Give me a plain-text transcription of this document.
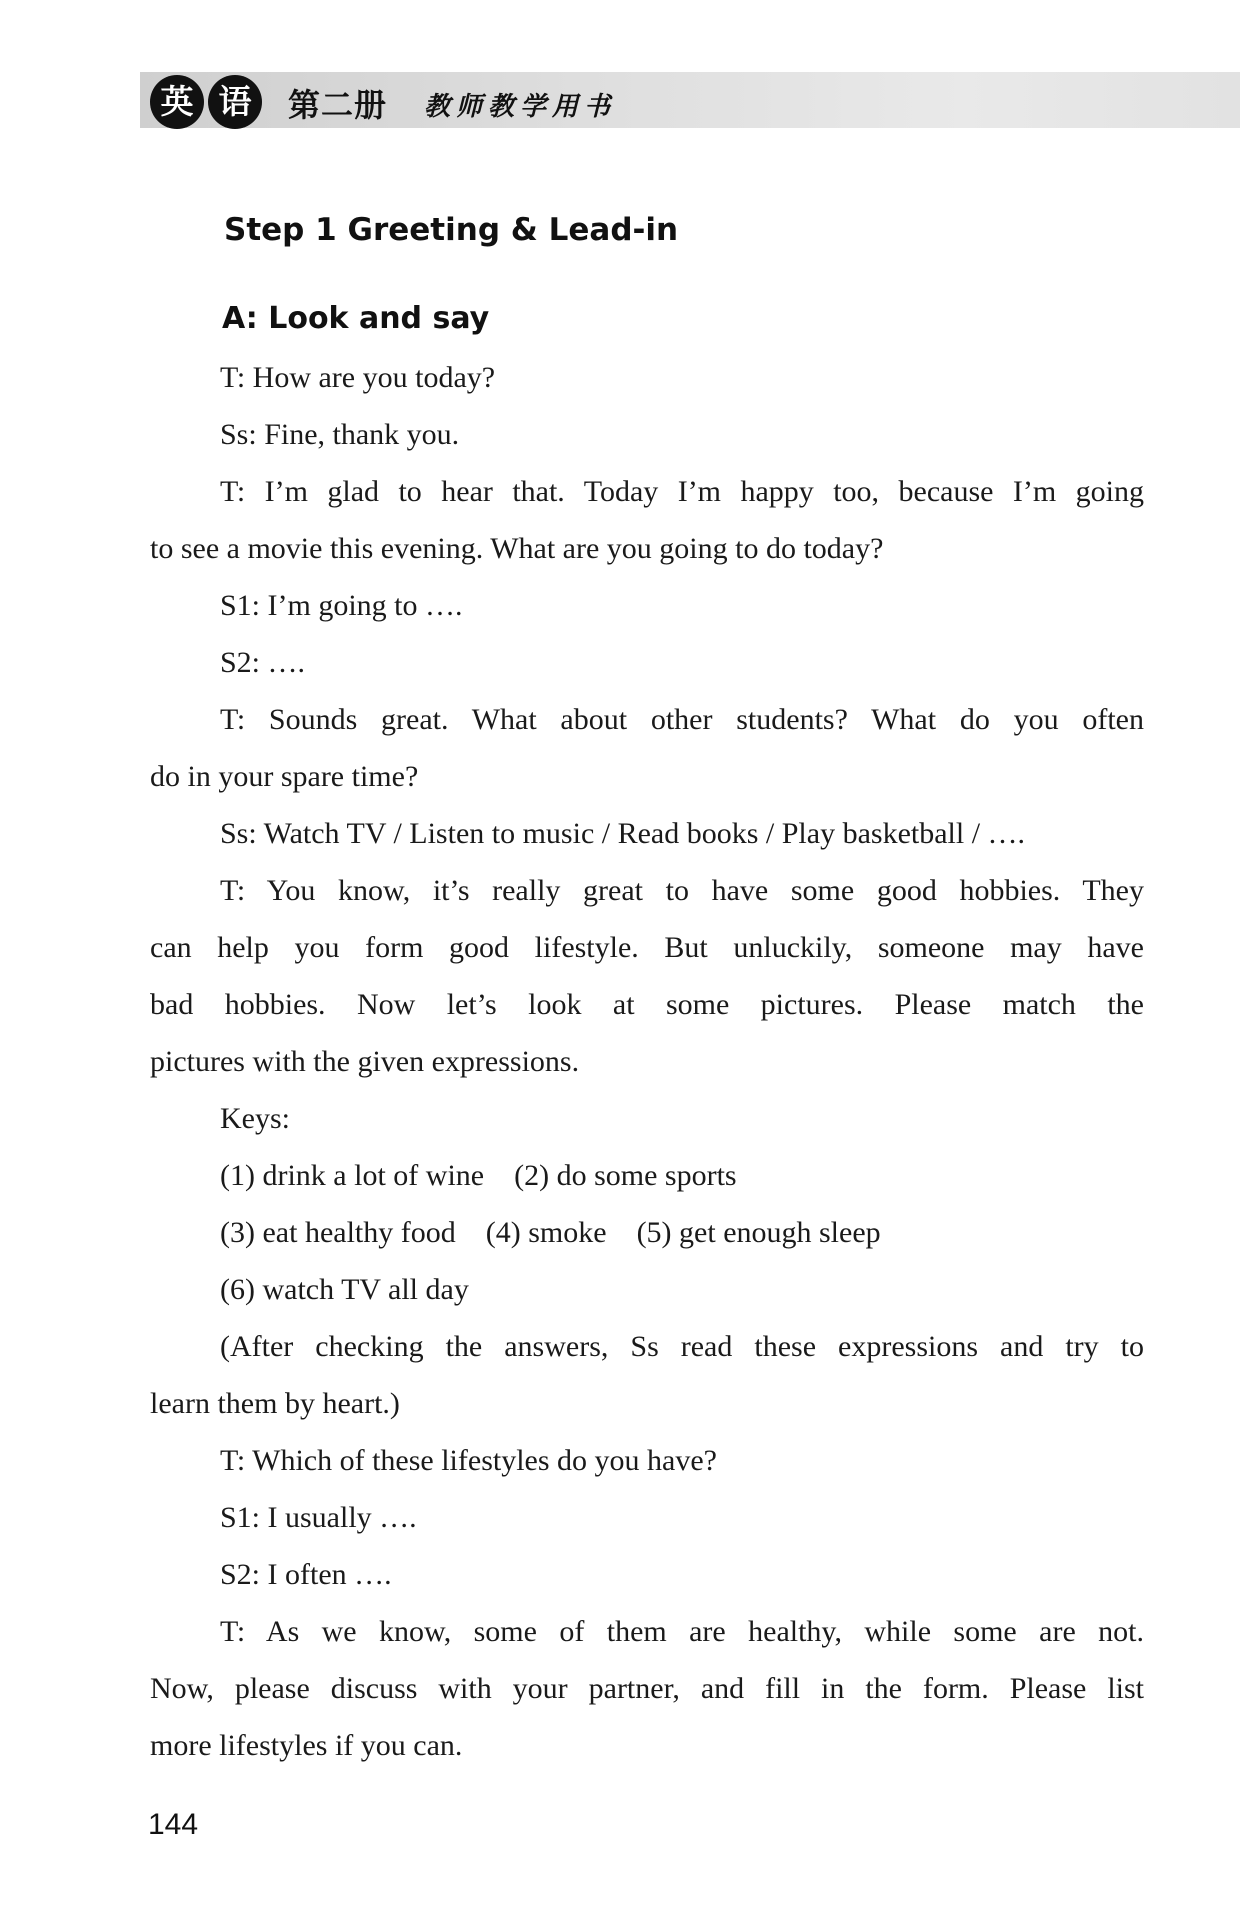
英 语	第二册 教师教学用书
Step 1 Greeting & Lead-in
A: Look and say
T: How are you today?
Ss: Fine, thank you.
T: I’m glad to hear that. Today I’m happy too, because I’m going
to see a movie this evening. What are you going to do today?
S1: I’m going to ….
S2: ….
T: Sounds great. What about other students? What do you often
do in your spare time?
Ss: Watch TV / Listen to music / Read books / Play basketball / ….
T: You know, it’s really great to have some good hobbies. They
can help you form good lifestyle. But unluckily, someone may have
bad hobbies. Now let’s look at some pictures. Please match the
pictures with the given expressions.
Keys:
(1) drink a lot of wine (2) do some sports
(3) eat healthy food (4) smoke (5) get enough sleep
(6) watch TV all day
(After checking the answers, Ss read these expressions and try to
learn them by heart.)
T: Which of these lifestyles do you have?
S1: I usually ….
S2: I often ….
T: As we know, some of them are healthy, while some are not.
Now, please discuss with your partner, and fill in the form. Please list
more lifestyles if you can.
144
